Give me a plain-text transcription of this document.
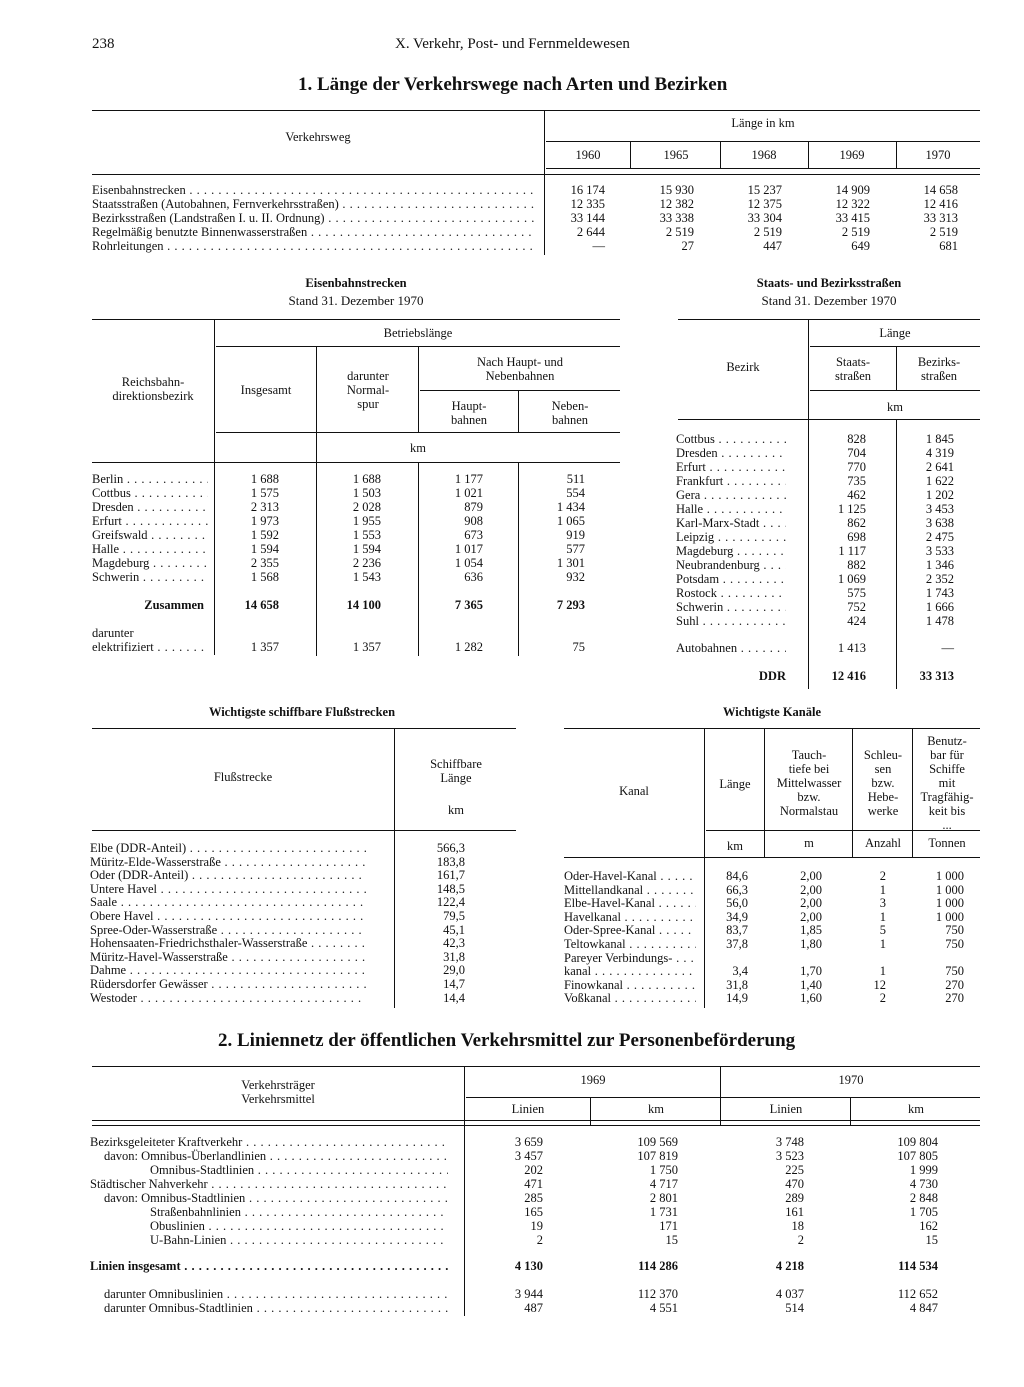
238	X. Verkehr, Post- und Fernmeldewesen
1. Länge der Verkehrswege nach Arten und Bezirken
Verkehrsweg
Länge in km
1960	1965	1968	1969	1970
Eisenbahnstrecken . . .	16 174	15 930	15 237	14 909	14 658
Staatsstraßen (Autobahnen, Fernverkehrsstraßen) . . .	12 335	12 382	12 375	12 322	12 416
Bezirksstraßen (Landstraßen I. u. II. Ordnung) . . .	33 144	33 338	33 304	33 415	33 313
Regelmäßig benutzte Binnenwasserstraßen . . .	2 644	2 519	2 519	2 519	2 519
Rohrleitungen . . .	—	27	447	649	681
Eisenbahnstrecken
Stand 31. Dezember 1970
Betriebslänge
Reichsbahn-
direktionsbezirk	Insgesamt
darunter
Normal-
spur
Nach Haupt- und
Nebenbahnen
Haupt-
bahnen
Neben-
bahnen
km
Berlin . . .	1 688	1 688	1 177	511
Cottbus . . .	1 575	1 503	1 021	554
Dresden . . .	2 313	2 028	879	1 434
Erfurt . . .	1 973	1 955	908	1 065
Greifswald . . .	1 592	1 553	673	919
Halle . . .	1 594	1 594	1 017	577
Magdeburg . . .	2 355	2 236	1 054	1 301
Schwerin . . .	1 568	1 543	636	932
Zusammen	14 658	14 100	7 365	7 293
darunter
elektrifiziert . . .	1 357	1 357	1 282	75
Staats- und Bezirksstraßen
Stand 31. Dezember 1970
Länge
Bezirk	Staats-
straßen
Bezirks-
straßen
km
Cottbus . . .	828	1 845
Dresden . . .	704	4 319
Erfurt . . .	770	2 641
Frankfurt . . .	735	1 622
Gera . . .	462	1 202
Halle . . .	1 125	3 453
Karl-Marx-Stadt . . .	862	3 638
Leipzig . . .	698	2 475
Magdeburg . . .	1 117	3 533
Neubrandenburg . . .	882	1 346
Potsdam . . .	1 069	2 352
Rostock . . .	575	1 743
Schwerin . . .	752	1 666
Suhl . . .	424	1 478
Autobahnen . . .	1 413	—
DDR	12 416	33 313
Wichtigste schiffbare Flußstrecken
Flußstrecke
Schiffbare
Länge
km
Elbe (DDR-Anteil) . . .	566,3
Müritz-Elde-Wasserstraße . . .	183,8
Oder (DDR-Anteil) . . .	161,7
Untere Havel . . .	148,5
Saale . . .	122,4
Obere Havel . . .	79,5
Spree-Oder-Wasserstraße . . .	45,1
Hohensaaten-Friedrichsthaler-Wasserstraße . . .	42,3
Müritz-Havel-Wasserstraße . . .	31,8
Dahme . . .	29,0
Rüdersdorfer Gewässer . . .	14,7
Westoder . . .	14,4
Wichtigste Kanäle
Kanal	Länge
Tauch-
tiefe bei
Mittelwasser
bzw.
Normalstau
Schleu-
sen
bzw.
Hebe-
werke
Benutz-
bar für
Schiffe
mit
Tragfähig-
keit bis
...
km	m	Anzahl	Tonnen
Oder-Havel-Kanal . . .	84,6	2,00	2	1 000
Mittellandkanal . . .	66,3	2,00	1	1 000
Elbe-Havel-Kanal . . .	56,0	2,00	3	1 000
Havelkanal . . .	34,9	2,00	1	1 000
Oder-Spree-Kanal . . .	83,7	1,85	5	750
Teltowkanal . . .	37,8	1,80	1	750
Pareyer Verbindungs- . . .
kanal . . .	3,4	1,70	1	750
Finowkanal . . .	31,8	1,40	12	270
Voßkanal . . .	14,9	1,60	2	270
2. Liniennetz der öffentlichen Verkehrsmittel zur Personenbeförderung
Verkehrsträger
Verkehrsmittel
1969	1970
Linien	km	Linien	km
Bezirksgeleiteter Kraftverkehr . . .	3 659	109 569	3 748	109 804
davon: Omnibus-Überlandlinien . . .	3 457	107 819	3 523	107 805
Omnibus-Stadtlinien . . .	202	1 750	225	1 999
Städtischer Nahverkehr . . .	471	4 717	470	4 730
davon: Omnibus-Stadtlinien . . .	285	2 801	289	2 848
Straßenbahnlinien . . .	165	1 731	161	1 705
Obuslinien . . .	19	171	18	162
U-Bahn-Linien . . .	2	15	2	15
Linien insgesamt . . .	4 130	114 286	4 218	114 534
darunter Omnibuslinien . . .	3 944	112 370	4 037	112 652
darunter Omnibus-Stadtlinien . . .	487	4 551	514	4 847
